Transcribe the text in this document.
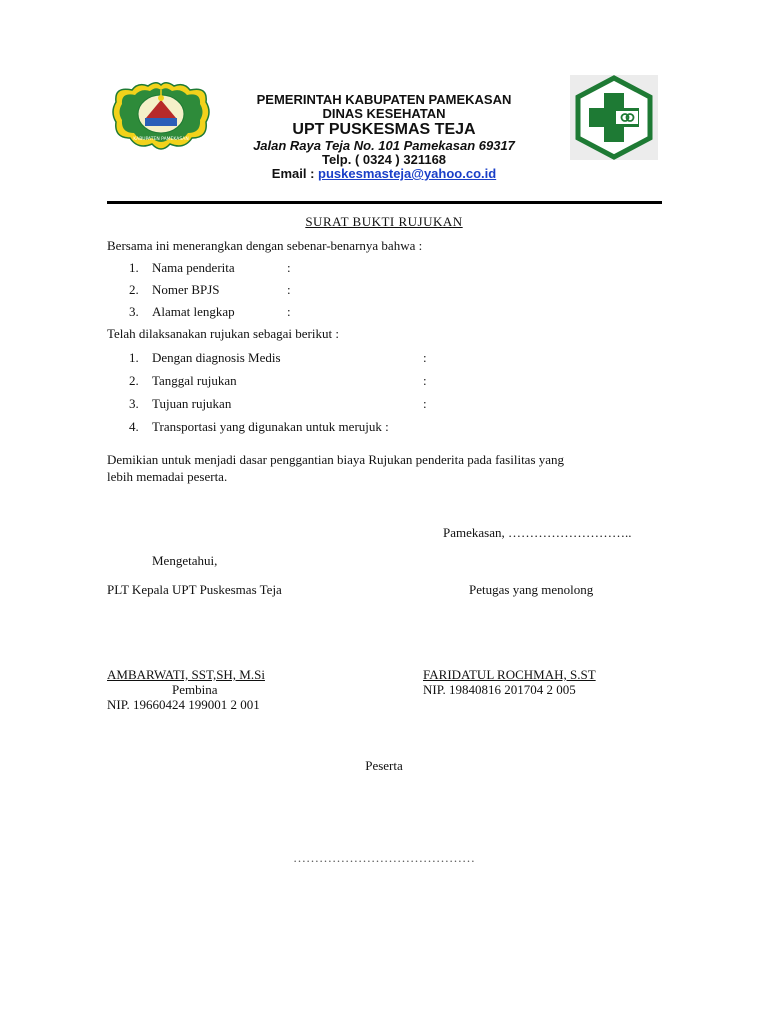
KABUPATEN PAMEKASAN
PEMERINTAH KABUPATEN PAMEKASAN
DINAS KESEHATAN
UPT PUSKESMAS TEJA
Jalan Raya Teja No. 101 Pamekasan 69317
Telp. ( 0324 ) 321168
Email : puskesmasteja@yahoo.co.id
SURAT BUKTI RUJUKAN
Bersama ini menerangkan dengan sebenar-benarnya bahwa :
1. Nama penderita	:
2. Nomer BPJS	:
3. Alamat lengkap	:
Telah dilaksanakan rujukan sebagai berikut :
1. Dengan diagnosis Medis	:
2. Tanggal rujukan	:
3. Tujuan rujukan	:
4. Transportasi yang digunakan untuk merujuk :
Demikian untuk menjadi dasar penggantian biaya Rujukan penderita pada fasilitas yang
lebih memadai peserta.
Pamekasan, ………………………..
Mengetahui,
PLT Kepala UPT Puskesmas Teja	Petugas yang menolong
AMBARWATI, SST,SH, M.Si
Pembina
NIP. 19660424 199001 2 001
FARIDATUL ROCHMAH, S.ST
NIP. 19840816 201704 2 005
Peserta
……………………………………
